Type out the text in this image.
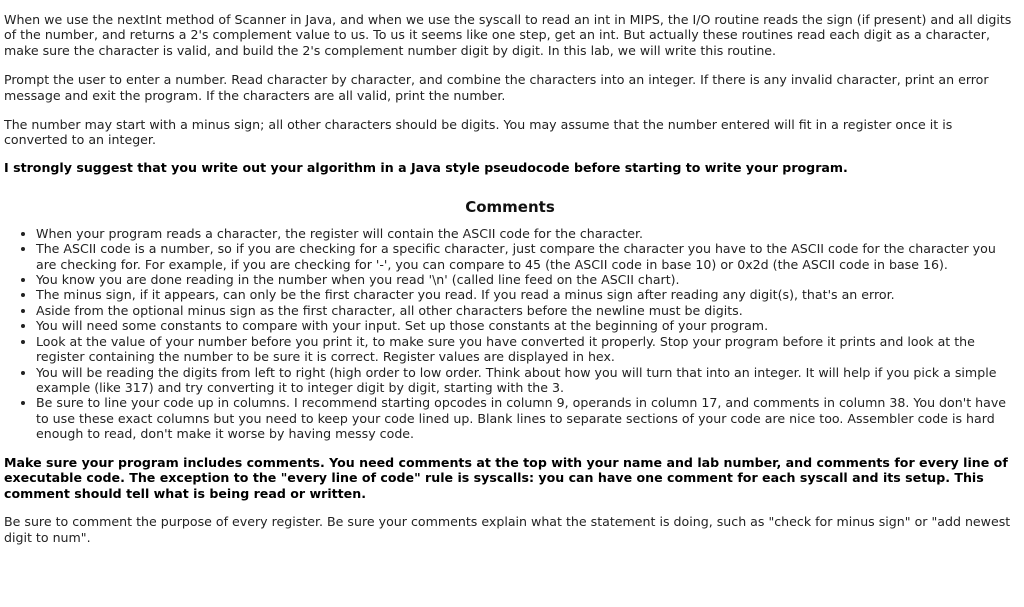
When we use the nextInt method of Scanner in Java, and when we use the syscall to read an int in MIPS, the I/O routine reads the sign (if present) and all digits of the number, and returns a 2's complement value to us. To us it seems like one step, get an int. But actually these routines read each digit as a character, make sure the character is valid, and build the 2's complement number digit by digit. In this lab, we will write this routine.

Prompt the user to enter a number. Read character by character, and combine the characters into an integer. If there is any invalid character, print an error message and exit the program. If the characters are all valid, print the number.

The number may start with a minus sign; all other characters should be digits. You may assume that the number entered will fit in a register once it is converted to an integer.

I strongly suggest that you write out your algorithm in a Java style pseudocode before starting to write your program.

Comments
• When your program reads a character, the register will contain the ASCII code for the character.
• The ASCII code is a number, so if you are checking for a specific character, just compare the character you have to the ASCII code for the character you are checking for. For example, if you are checking for '-', you can compare to 45 (the ASCII code in base 10) or 0x2d (the ASCII code in base 16).
• You know you are done reading in the number when you read '\n' (called line feed on the ASCII chart).
• The minus sign, if it appears, can only be the first character you read. If you read a minus sign after reading any digit(s), that's an error.
• Aside from the optional minus sign as the first character, all other characters before the newline must be digits.
• You will need some constants to compare with your input. Set up those constants at the beginning of your program.
• Look at the value of your number before you print it, to make sure you have converted it properly. Stop your program before it prints and look at the register containing the number to be sure it is correct. Register values are displayed in hex.
• You will be reading the digits from left to right (high order to low order. Think about how you will turn that into an integer. It will help if you pick a simple example (like 317) and try converting it to integer digit by digit, starting with the 3.
• Be sure to line your code up in columns. I recommend starting opcodes in column 9, operands in column 17, and comments in column 38. You don't have to use these exact columns but you need to keep your code lined up. Blank lines to separate sections of your code are nice too. Assembler code is hard enough to read, don't make it worse by having messy code.

Make sure your program includes comments. You need comments at the top with your name and lab number, and comments for every line of executable code. The exception to the "every line of code" rule is syscalls: you can have one comment for each syscall and its setup. This comment should tell what is being read or written.

Be sure to comment the purpose of every register. Be sure your comments explain what the statement is doing, such as "check for minus sign" or "add newest digit to num".
